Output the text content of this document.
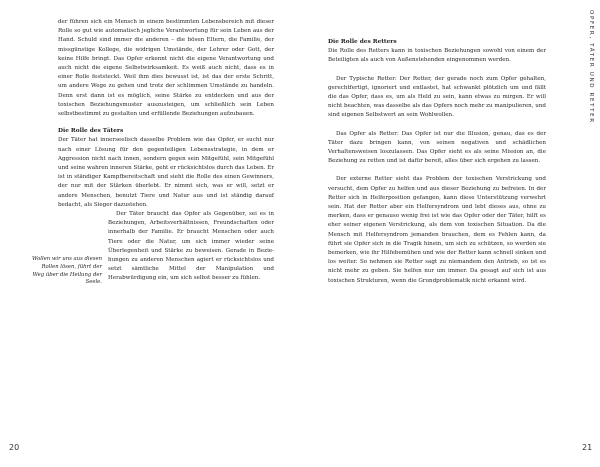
der führen sich ein Mensch in einem bestimmten Lebensbereich mit dieser Rolle so gut wie automatisch jegliche Verantwortung für sein Leben aus der Hand. Schuld sind immer die anderen – die bösen Eltern, die Familie, der missgünstige Kollege, die widrigen Umstände, der Lehrer oder Gott, der keine Hilfe bringt. Das Opfer erkennt nicht die eigene Verantwortung und auch nicht die eigene Selbstwirksamkeit. Es weiß auch nicht, dass es in einer Rolle feststeckt. Weil ihm dies bewusst ist, ist das der erste Schritt, um andere Wege zu gehen und trotz der schlimmen Umstände zu handeln. Denn erst dann ist es möglich, seine Stärke zu entdecken und aus der toxischen Beziehungsmuster auszusteigen, um schließlich sein Leben selbstbestimmt zu gestalten und erfüllende Beziehungen aufzubauen.

Die Rolle des Täters

Der Täter hat innerseelisch dasselbe Problem wie das Opfer, er sucht nur nach einer Lösung für den gegenteiligen Lebensstrategie, in dem er Aggression nicht nach innen, sondern gegen sein Mitgefühl, sein Mitgefühl und seine wahren inneren Stärke, geht er rücksichtslos durch das Leben. Er ist in ständiger Kampfbereitschaft und sieht die Rolle des einen Gewinners, der nur mit der Stärken überlebt. Er nimmt sich, was er will, setzt er andere Menschen, benutzt Tiere und Natur aus und ist ständig darauf bedacht, als Sieger dazustehen.

Wollen wir uns aus diesen Rollen lösen, führt der Weg über die Heilung der Seele.

Der Täter braucht das Opfer als Gegenüber, sei es in Beziehungen, Arbeitsverhältnissen, Freundschaften oder innerhalb der Familie. Er braucht Menschen oder auch Tiere oder die Natur, um sich immer wieder seine Überlegenheit und Stärke zu beweisen. Gerade in Beziehungen zu anderen Menschen agiert er rücksichtslos und setzt sämtliche Mittel der Manipulation und Herabwürdigung ein, um sich selbst besser zu fühlen.

20
Die Rolle des Retters

Die Rolle des Retters kann in toxischen Beziehungen sowohl von einem der Beteiligten als auch von Außenstehenden eingenommen werden.

Der Typische Retter: Der Retter, der gerade noch zum Opfer gehalten, gerechtfertigt, ignoriert und entlastet, hat schwankt plötzlich um und fällt die das Opfer, dass es, um als Held zu sein, kann etwas zu mirgen. Er will nicht beachten, was dasselbe als das Opfers noch mehr zu manipulieren, und sind eigenen Selbstwert an sein Wohlwollen.

Das Opfer als Retter: Das Opfer ist nur die Illusion, genau, das es der Täter dazu bringen kann, von seinen negativen und schädlichen Verhaltensweisen loszulassen. Das Opfer sieht es als seine Mission an, die Beziehung zu retten und ist dafür bereit, alles über sich ergehen zu lassen.

Der externe Retter sieht das Problem der toxischen Verstrickung und versucht, dem Opfer zu helfen und aus dieser Beziehung zu befreien. In der Retter sich in Helferposition gefangen, kann diese Unterstützung verwehrt sein. Hat der Retter aber ein Helfersyndrom und lebt dieses aus, ohne zu merken, dass er genauso wenig frei ist wie das Opfer oder der Täter, hilft es eher seiner eigenen Verstrickung, als dem von toxischen Situation. Da die Mensch mit Helfersyndrom jemanden brauchen, dem es Fehlen kann, da führt sie Opfer sich in die Tragik hinein, um sich zu schützen, so werden sie bemerken, wie ihr Hilfebemühen und wie der Retter kann schnell sinken und los weiter. So nehmen sie Retter sagt zu niemandem den Antrieb, so ist es nicht mehr zu geben. Sie helfen nur um immer. Da gesagt auf sich ist aus toxischen Strukturen, wenn die Grundproblematik nicht erkannt wird.

OPFER, TÄTER UND RETTER
21
